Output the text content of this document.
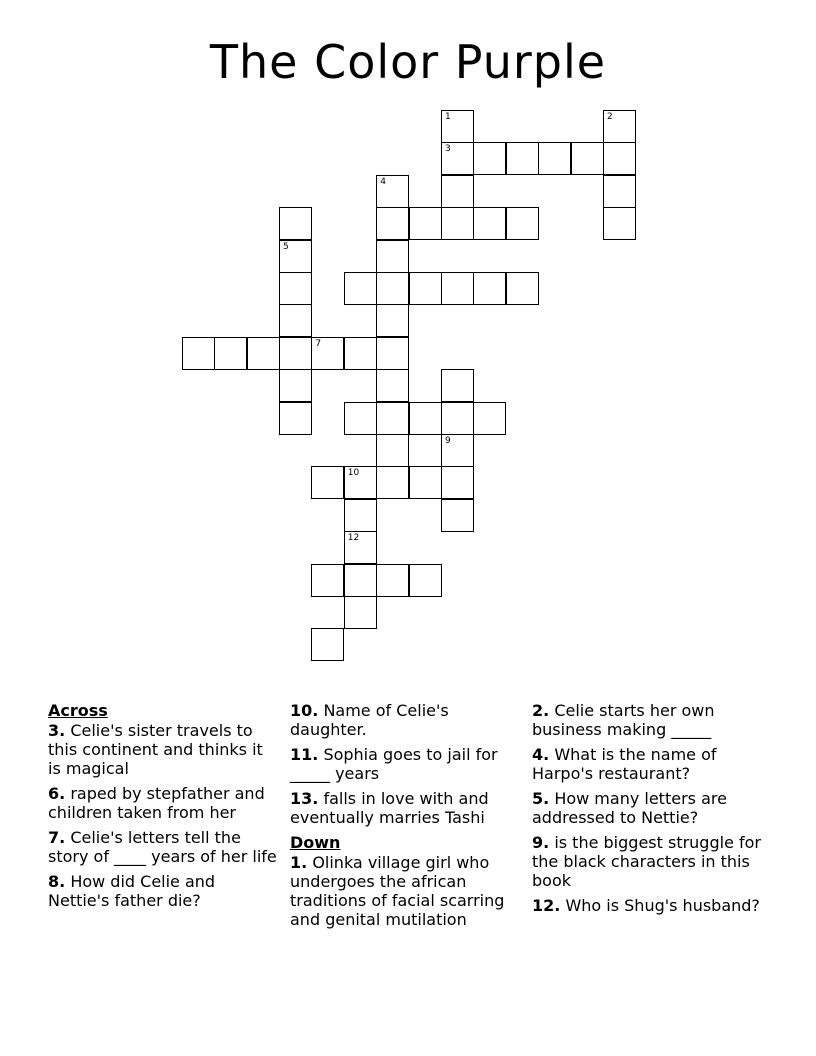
The Color Purple
1	2
3
4
5
7
9
10
12
Across
3. Celie's sister travels to this continent and thinks it is magical
6. raped by stepfather and children taken from her
7. Celie's letters tell the story of ____ years of her life
8. How did Celie and Nettie's father die?
10. Name of Celie's daughter.
11. Sophia goes to jail for _____ years
13. falls in love with and eventually marries Tashi
Down
1. Olinka village girl who undergoes the african traditions of facial scarring and genital mutilation
2. Celie starts her own business making _____
4. What is the name of Harpo's restaurant?
5. How many letters are addressed to Nettie?
9. is the biggest struggle for the black characters in this book
12. Who is Shug's husband?
